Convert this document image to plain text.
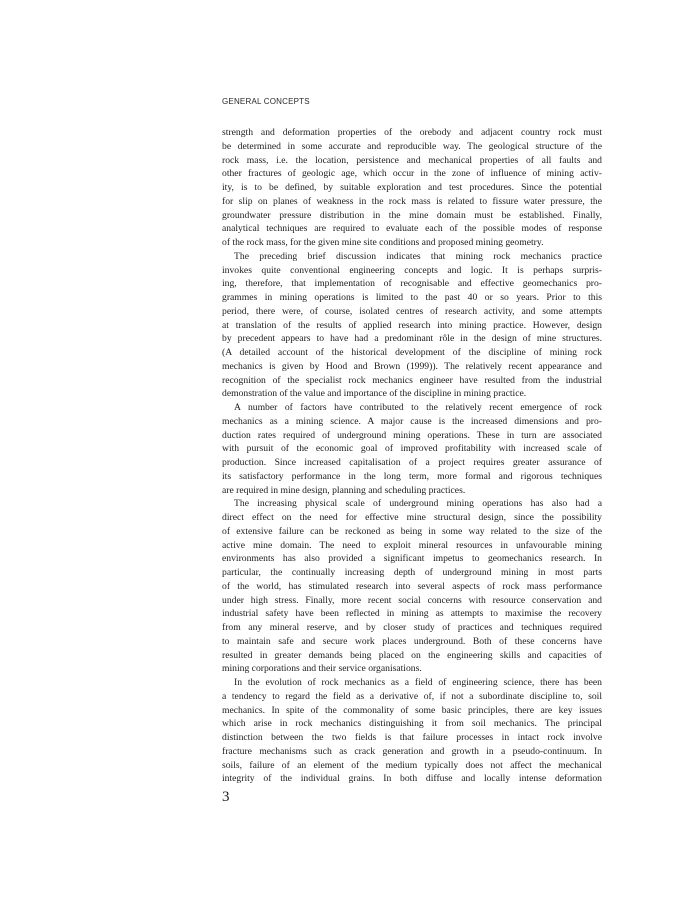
GENERAL CONCEPTS
strength and deformation properties of the orebody and adjacent country rock must
be determined in some accurate and reproducible way. The geological structure of the
rock mass, i.e. the location, persistence and mechanical properties of all faults and
other fractures of geologic age, which occur in the zone of influence of mining activ-
ity, is to be defined, by suitable exploration and test procedures. Since the potential
for slip on planes of weakness in the rock mass is related to fissure water pressure, the
groundwater pressure distribution in the mine domain must be established. Finally,
analytical techniques are required to evaluate each of the possible modes of response
of the rock mass, for the given mine site conditions and proposed mining geometry.
The preceding brief discussion indicates that mining rock mechanics practice
invokes quite conventional engineering concepts and logic. It is perhaps surpris-
ing, therefore, that implementation of recognisable and effective geomechanics pro-
grammes in mining operations is limited to the past 40 or so years. Prior to this
period, there were, of course, isolated centres of research activity, and some attempts
at translation of the results of applied research into mining practice. However, design
by precedent appears to have had a predominant rôle in the design of mine structures.
(A detailed account of the historical development of the discipline of mining rock
mechanics is given by Hood and Brown (1999)). The relatively recent appearance and
recognition of the specialist rock mechanics engineer have resulted from the industrial
demonstration of the value and importance of the discipline in mining practice.
A number of factors have contributed to the relatively recent emergence of rock
mechanics as a mining science. A major cause is the increased dimensions and pro-
duction rates required of underground mining operations. These in turn are associated
with pursuit of the economic goal of improved profitability with increased scale of
production. Since increased capitalisation of a project requires greater assurance of
its satisfactory performance in the long term, more formal and rigorous techniques
are required in mine design, planning and scheduling practices.
The increasing physical scale of underground mining operations has also had a
direct effect on the need for effective mine structural design, since the possibility
of extensive failure can be reckoned as being in some way related to the size of the
active mine domain. The need to exploit mineral resources in unfavourable mining
environments has also provided a significant impetus to geomechanics research. In
particular, the continually increasing depth of underground mining in most parts
of the world, has stimulated research into several aspects of rock mass performance
under high stress. Finally, more recent social concerns with resource conservation and
industrial safety have been reflected in mining as attempts to maximise the recovery
from any mineral reserve, and by closer study of practices and techniques required
to maintain safe and secure work places underground. Both of these concerns have
resulted in greater demands being placed on the engineering skills and capacities of
mining corporations and their service organisations.
In the evolution of rock mechanics as a field of engineering science, there has been
a tendency to regard the field as a derivative of, if not a subordinate discipline to, soil
mechanics. In spite of the commonality of some basic principles, there are key issues
which arise in rock mechanics distinguishing it from soil mechanics. The principal
distinction between the two fields is that failure processes in intact rock involve
fracture mechanisms such as crack generation and growth in a pseudo-continuum. In
soils, failure of an element of the medium typically does not affect the mechanical
integrity of the individual grains. In both diffuse and locally intense deformation
3
